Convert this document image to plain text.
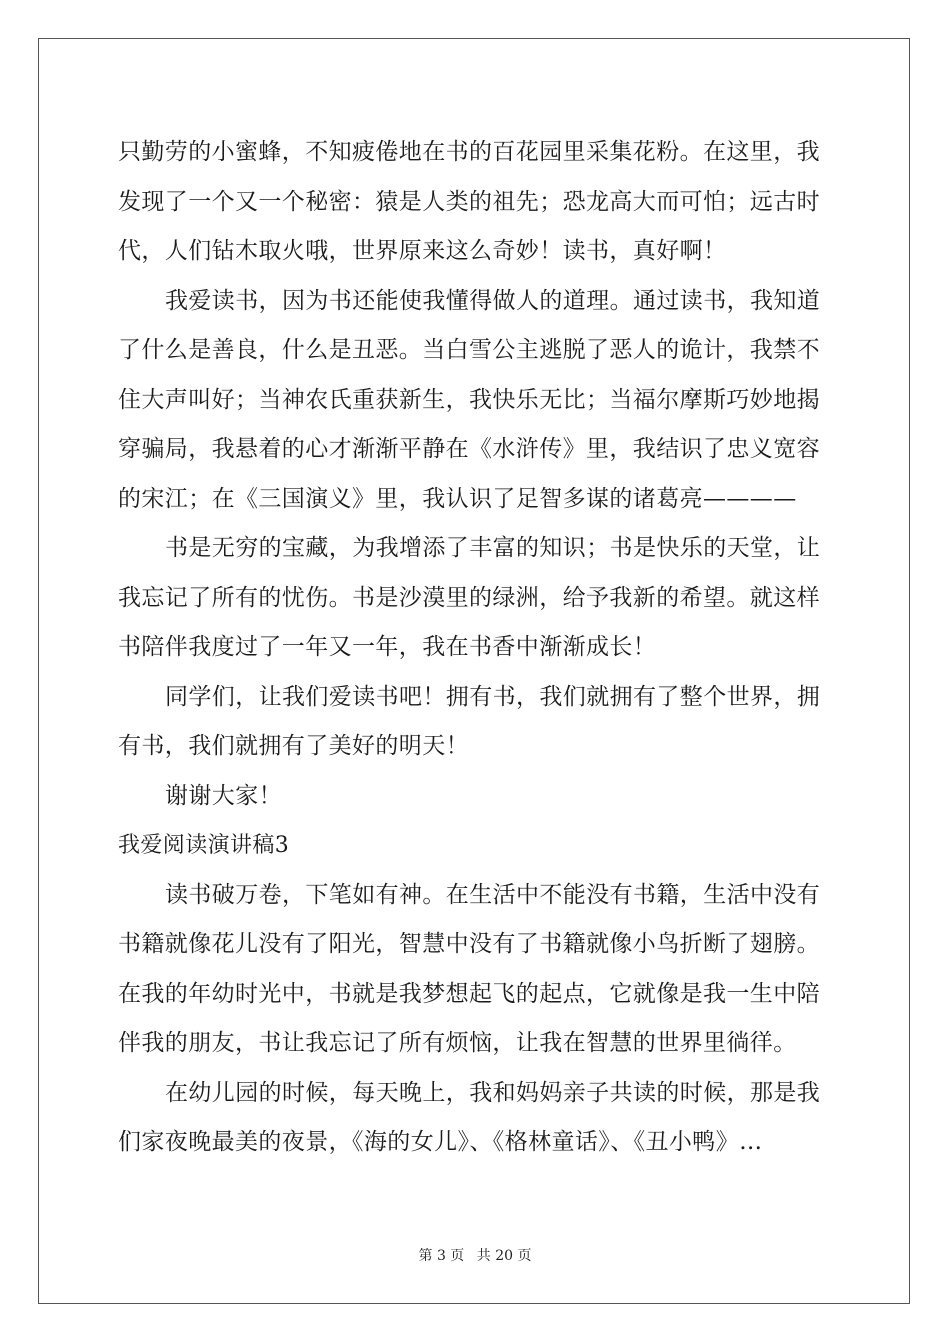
只勤劳的小蜜蜂，不知疲倦地在书的百花园里采集花粉。在这里，我
发现了一个又一个秘密：猿是人类的祖先；恐龙高大而可怕；远古时
代，人们钻木取火哦，世界原来这么奇妙！读书，真好啊！
我爱读书，因为书还能使我懂得做人的道理。通过读书，我知道
了什么是善良，什么是丑恶。当白雪公主逃脱了恶人的诡计，我禁不
住大声叫好；当神农氏重获新生，我快乐无比；当福尔摩斯巧妙地揭
穿骗局，我悬着的心才渐渐平静在《水浒传》里，我结识了忠义宽容
的宋江；在《三国演义》里，我认识了足智多谋的诸葛亮————
书是无穷的宝藏，为我增添了丰富的知识；书是快乐的天堂，让
我忘记了所有的忧伤。书是沙漠里的绿洲，给予我新的希望。就这样
书陪伴我度过了一年又一年，我在书香中渐渐成长！
同学们，让我们爱读书吧！拥有书，我们就拥有了整个世界，拥
有书，我们就拥有了美好的明天！
谢谢大家！
我爱阅读演讲稿3
读书破万卷，下笔如有神。在生活中不能没有书籍，生活中没有
书籍就像花儿没有了阳光，智慧中没有了书籍就像小鸟折断了翅膀。
在我的年幼时光中，书就是我梦想起飞的起点，它就像是我一生中陪
伴我的朋友，书让我忘记了所有烦恼，让我在智慧的世界里徜徉。
在幼儿园的时候，每天晚上，我和妈妈亲子共读的时候，那是我
们家夜晚最美的夜景，《海的女儿》、《格林童话》、《丑小鸭》…
第 3 页 共 20 页
